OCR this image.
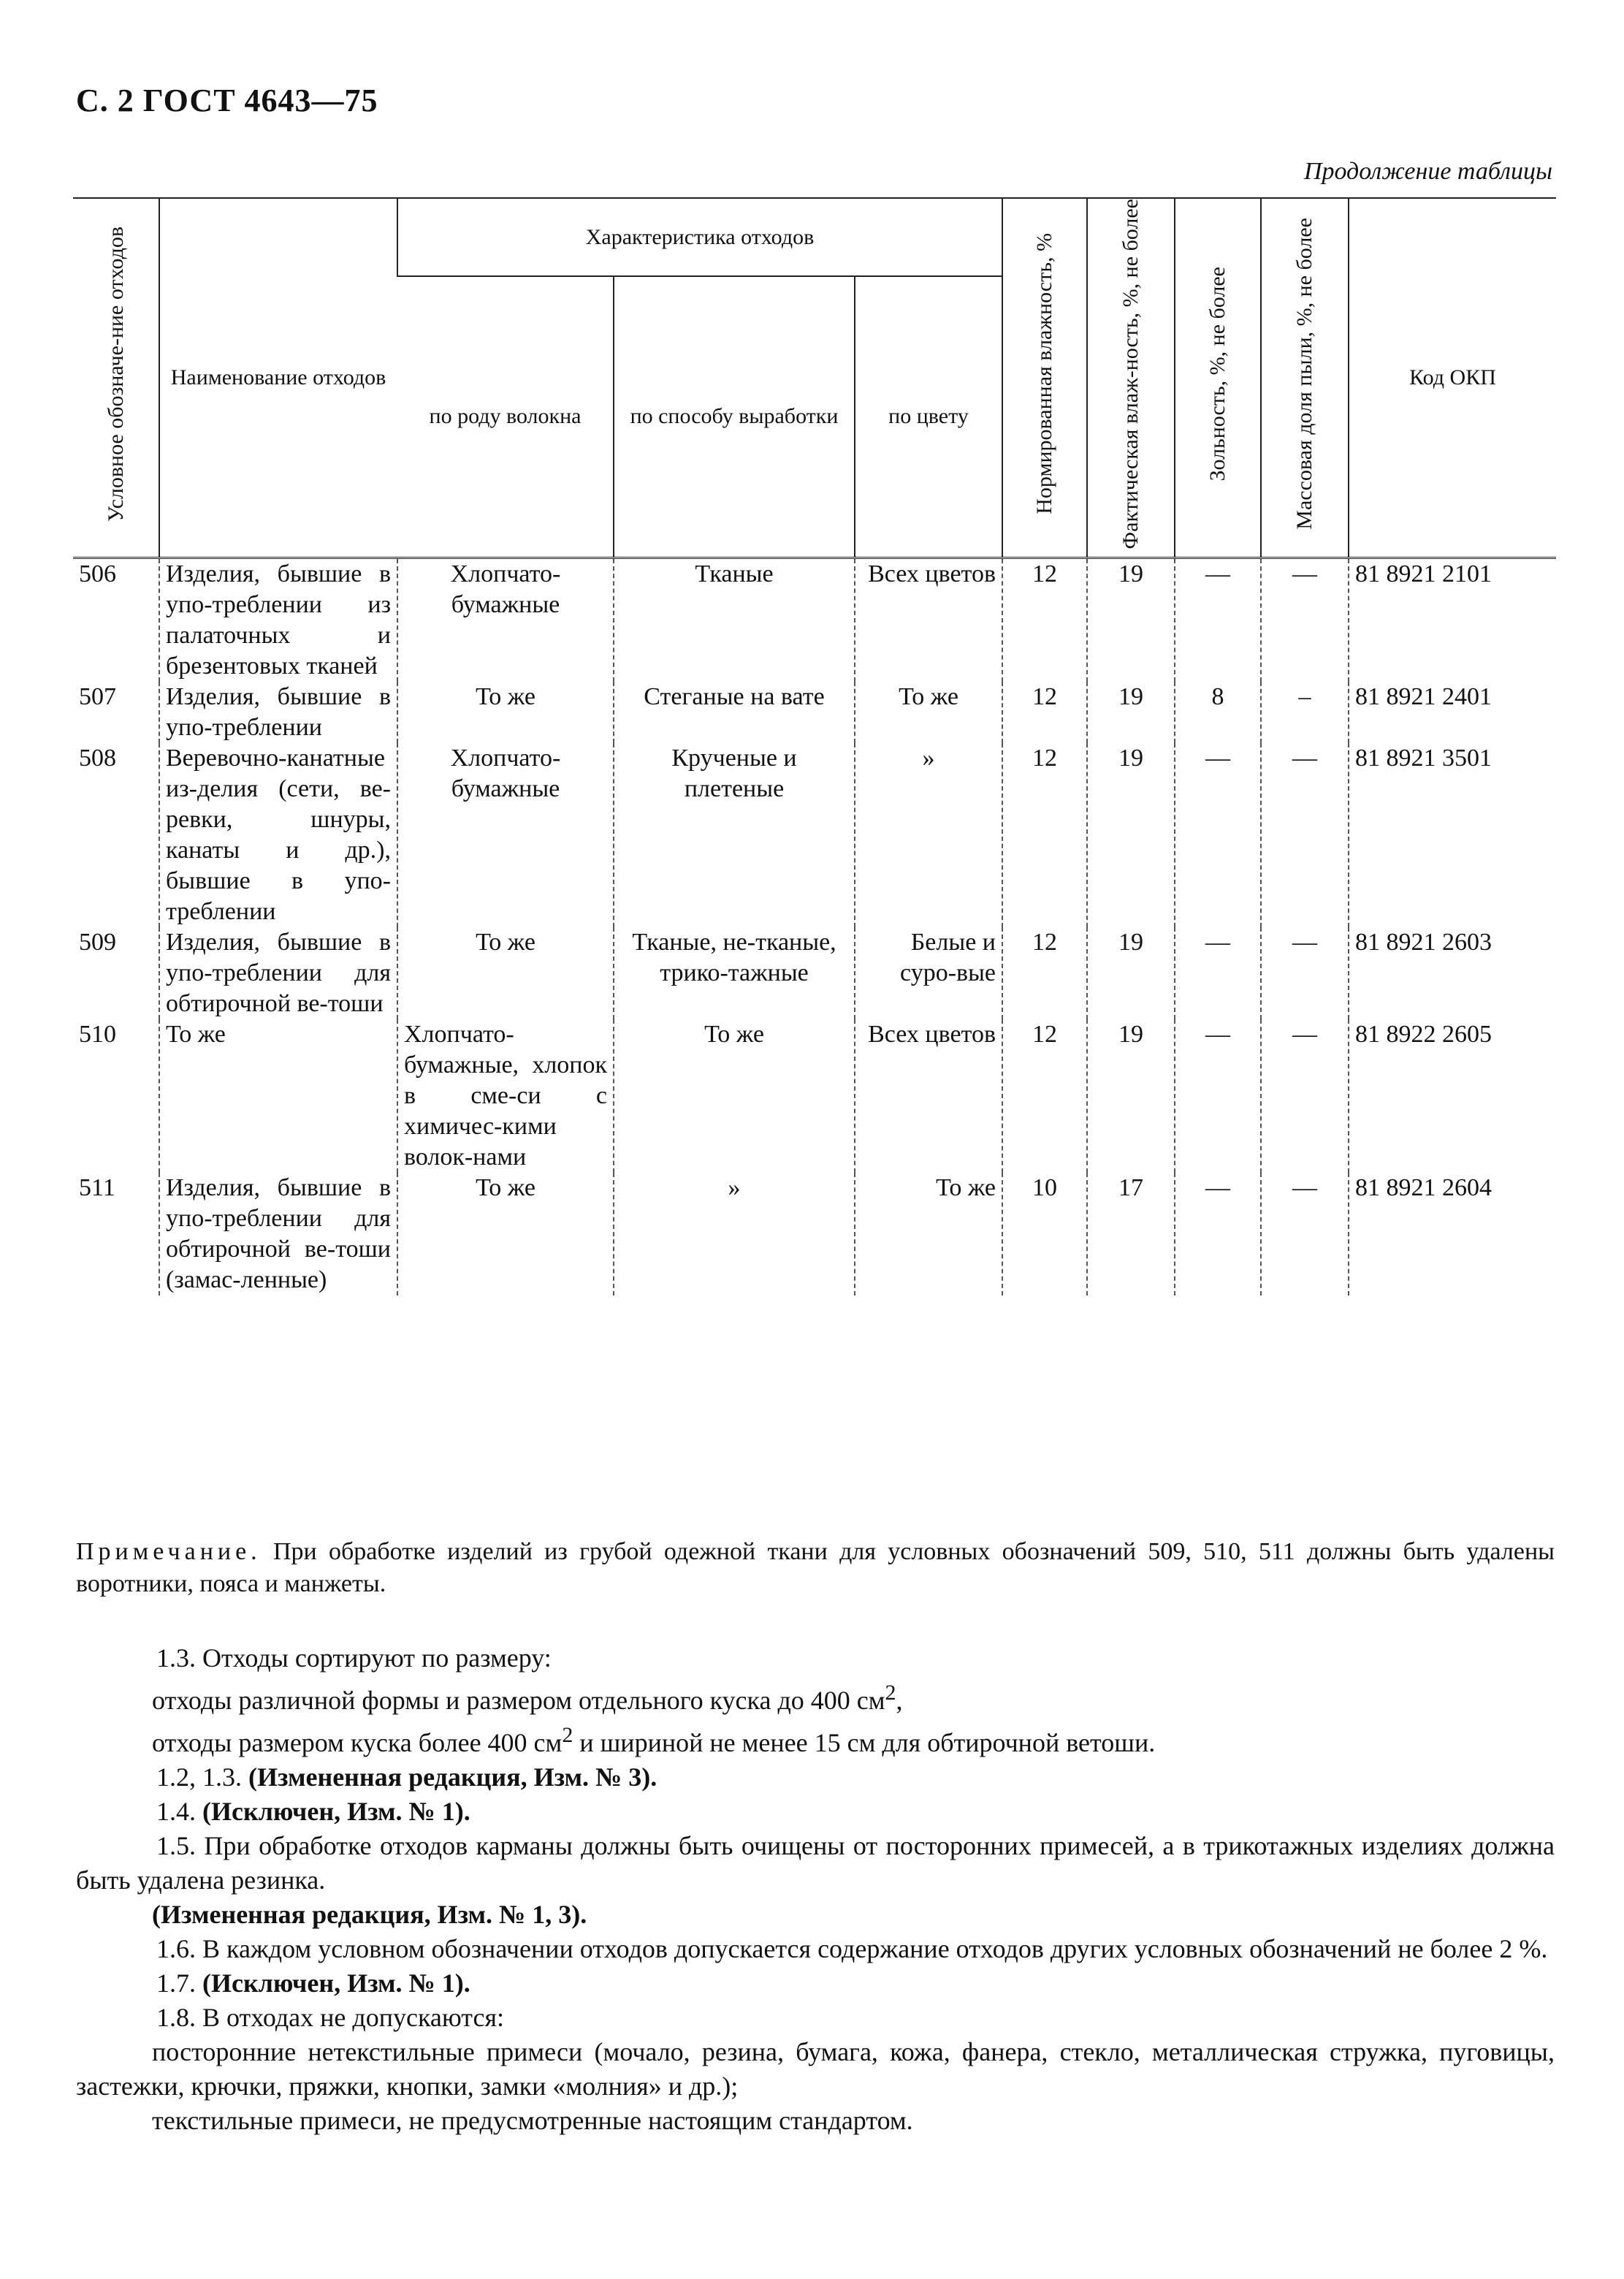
С. 2 ГОСТ 4643—75
Продолжение таблицы
Условное обозначе-ние отходов	Наименование отходов	Характеристика отходов			Нормированная влажность, %	Фактическая влаж-ность, %, не более	Зольность, %, не более	Массовая доля пыли, %, не более	Код ОКП
		по роду волокна	по способу выработки	по цвету					
506	Изделия, бывшие в упо-треблении из палаточных и брезентовых тканей	Хлопчато-бумажные	Тканые	Всех цветов	12	19	—	—	81 8921 2101
507	Изделия, бывшие в упо-треблении	То же	Стеганые на вате	То же	12	19	8	–	81 8921 2401
508	Веревочно-канатные из-делия (сети, ве-ревки, шнуры, канаты и др.), бывшие в упо-треблении	Хлопчато-бумажные	Крученые и плетеные	»	12	19	—	—	81 8921 3501
509	Изделия, бывшие в упо-треблении для обтирочной ве-тоши	То же	Тканые, не-тканые, трико-тажные	Белые и суро-вые	12	19	—	—	81 8921 2603
510	То же	Хлопчато-бумажные, хлопок в сме-си с химичес-кими волок-нами	То же	Всех цветов	12	19	—	—	81 8922 2605
511	Изделия, бывшие в упо-треблении для обтирочной ве-тоши (замас-ленные)	То же	»	То же	10	17	—	—	81 8921 2604

Примечание. При обработке изделий из грубой одежной ткани для условных обозначений 509, 510, 511 должны быть удалены воротники, пояса и манжеты.

1.3. Отходы сортируют по размеру:

отходы различной формы и размером отдельного куска до 400 $см^2$,

отходы размером куска более 400 $см^2$ и шириной не менее 15 см для обтирочной ветоши.

1.2, 1.3. (Измененная редакция, Изм. № 3).

1.4. (Исключен, Изм. № 1).

1.5. При обработке отходов карманы должны быть очищены от посторонних примесей, а в трикотажных изделиях должна быть удалена резинка.

(Измененная редакция, Изм. № 1, 3).

1.6. В каждом условном обозначении отходов допускается содержание отходов других условных обозначений не более 2 %.

1.7. (Исключен, Изм. № 1).

1.8. В отходах не допускаются:

посторонние нетекстильные примеси (мочало, резина, бумага, кожа, фанера, стекло, металлическая стружка, пуговицы, застежки, крючки, пряжки, кнопки, замки «молния» и др.);

текстильные примеси, не предусмотренные настоящим стандартом.
